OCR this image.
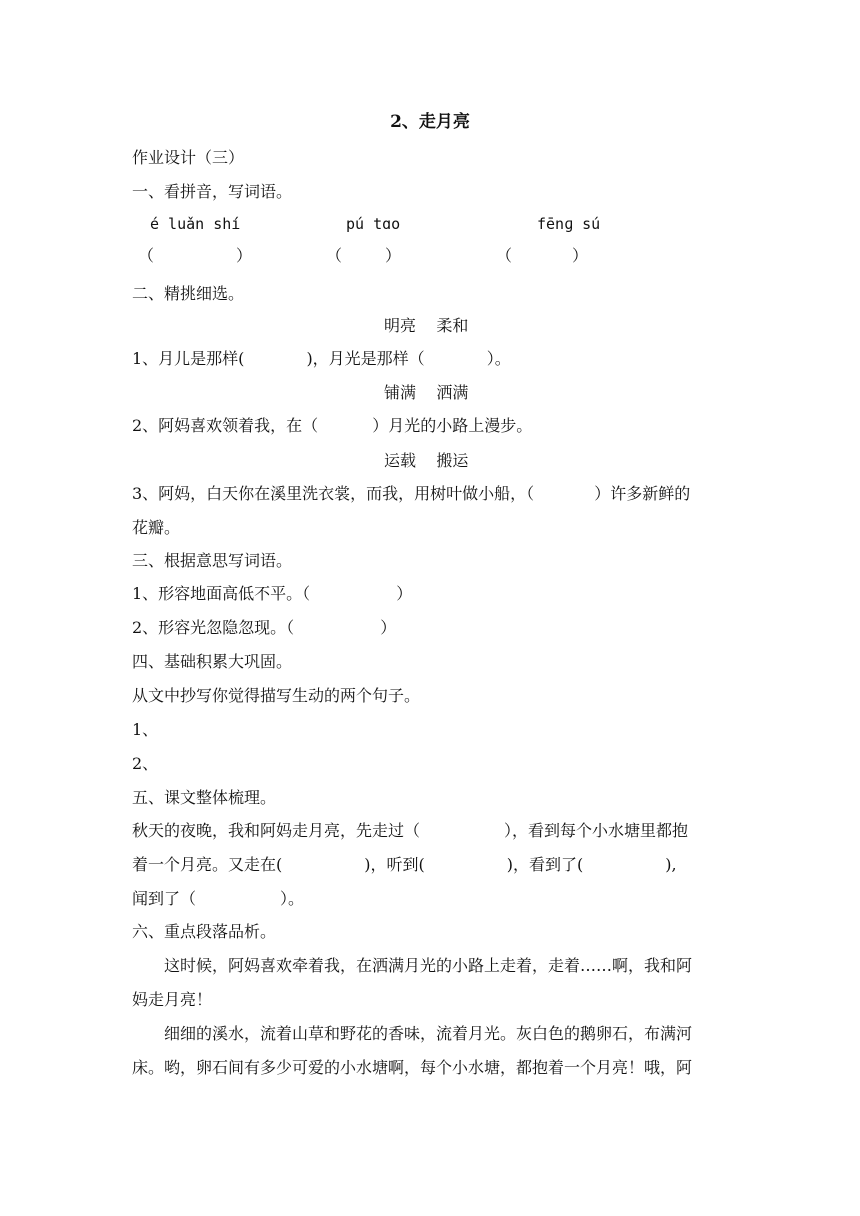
2、走月亮
作业设计（三）
一、看拼音，写词语。
é luǎn shí	pú tɑo	fēnɡ sú
（	）	（	）	（	）
二、精挑细选。
明亮    柔和
1、月儿是那样(	)，月光是那样（	）。
铺满    洒满
2、阿妈喜欢领着我，在（	）月光的小路上漫步。
运载    搬运
3、阿妈，白天你在溪里洗衣裳，而我，用树叶做小船，（	）许多新鲜的
花瓣。
三、根据意思写词语。
1、形容地面高低不平。（	）
2、形容光忽隐忽现。（	）
四、基础积累大巩固。
从文中抄写你觉得描写生动的两个句子。
1、
2、
五、课文整体梳理。
秋天的夜晚，我和阿妈走月亮，先走过（	），看到每个小水塘里都抱
着一个月亮。又走在(	)，听到(	)，看到了(	),
闻到了（	）。
六、重点段落品析。
这时候，阿妈喜欢牵着我，在洒满月光的小路上走着，走着……啊，我和阿
妈走月亮！
细细的溪水，流着山草和野花的香味，流着月光。灰白色的鹅卵石，布满河
床。哟，卵石间有多少可爱的小水塘啊，每个小水塘，都抱着一个月亮！哦，阿
